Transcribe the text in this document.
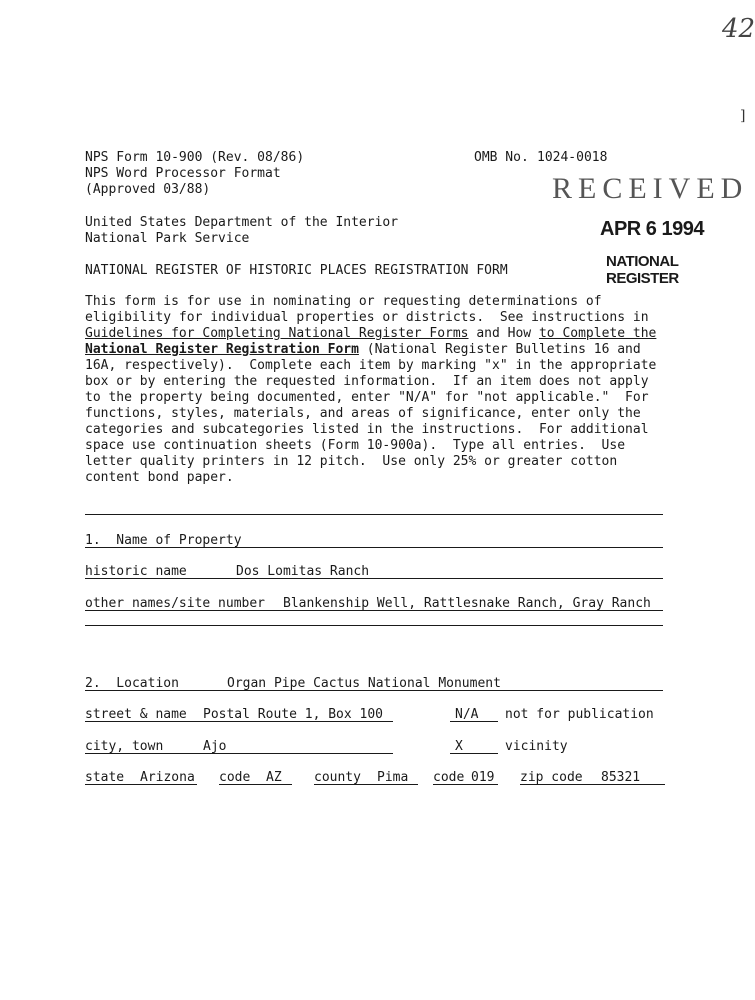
42
]
NPS Form 10-900 (Rev. 08/86)
NPS Word Processor Format
(Approved 03/88)
OMB No. 1024-0018
United States Department of the Interior
National Park Service
NATIONAL REGISTER OF HISTORIC PLACES REGISTRATION FORM
RECEIVED
APR 6 1994
NATIONAL
REGISTER
This form is for use in nominating or requesting determinations of
eligibility for individual properties or districts.  See instructions in
Guidelines for Completing National Register Forms and How to Complete the
National Register Registration Form (National Register Bulletins 16 and
16A, respectively).  Complete each item by marking "x" in the appropriate
box or by entering the requested information.  If an item does not apply
to the property being documented, enter "N/A" for "not applicable."  For
functions, styles, materials, and areas of significance, enter only the
categories and subcategories listed in the instructions.  For additional
space use continuation sheets (Form 10-900a).  Type all entries.  Use
letter quality printers in 12 pitch.  Use only 25% or greater cotton
content bond paper.
1.  Name of Property
historic name	Dos Lomitas Ranch
other names/site number Blankenship Well, Rattlesnake Ranch, Gray Ranch
2.  Location	Organ Pipe Cactus National Monument
street & name Postal Route 1, Box 100	N/A not for publication
city, town	Ajo	X	vicinity
state Arizona code AZ county Pima code 019 zip code 85321
